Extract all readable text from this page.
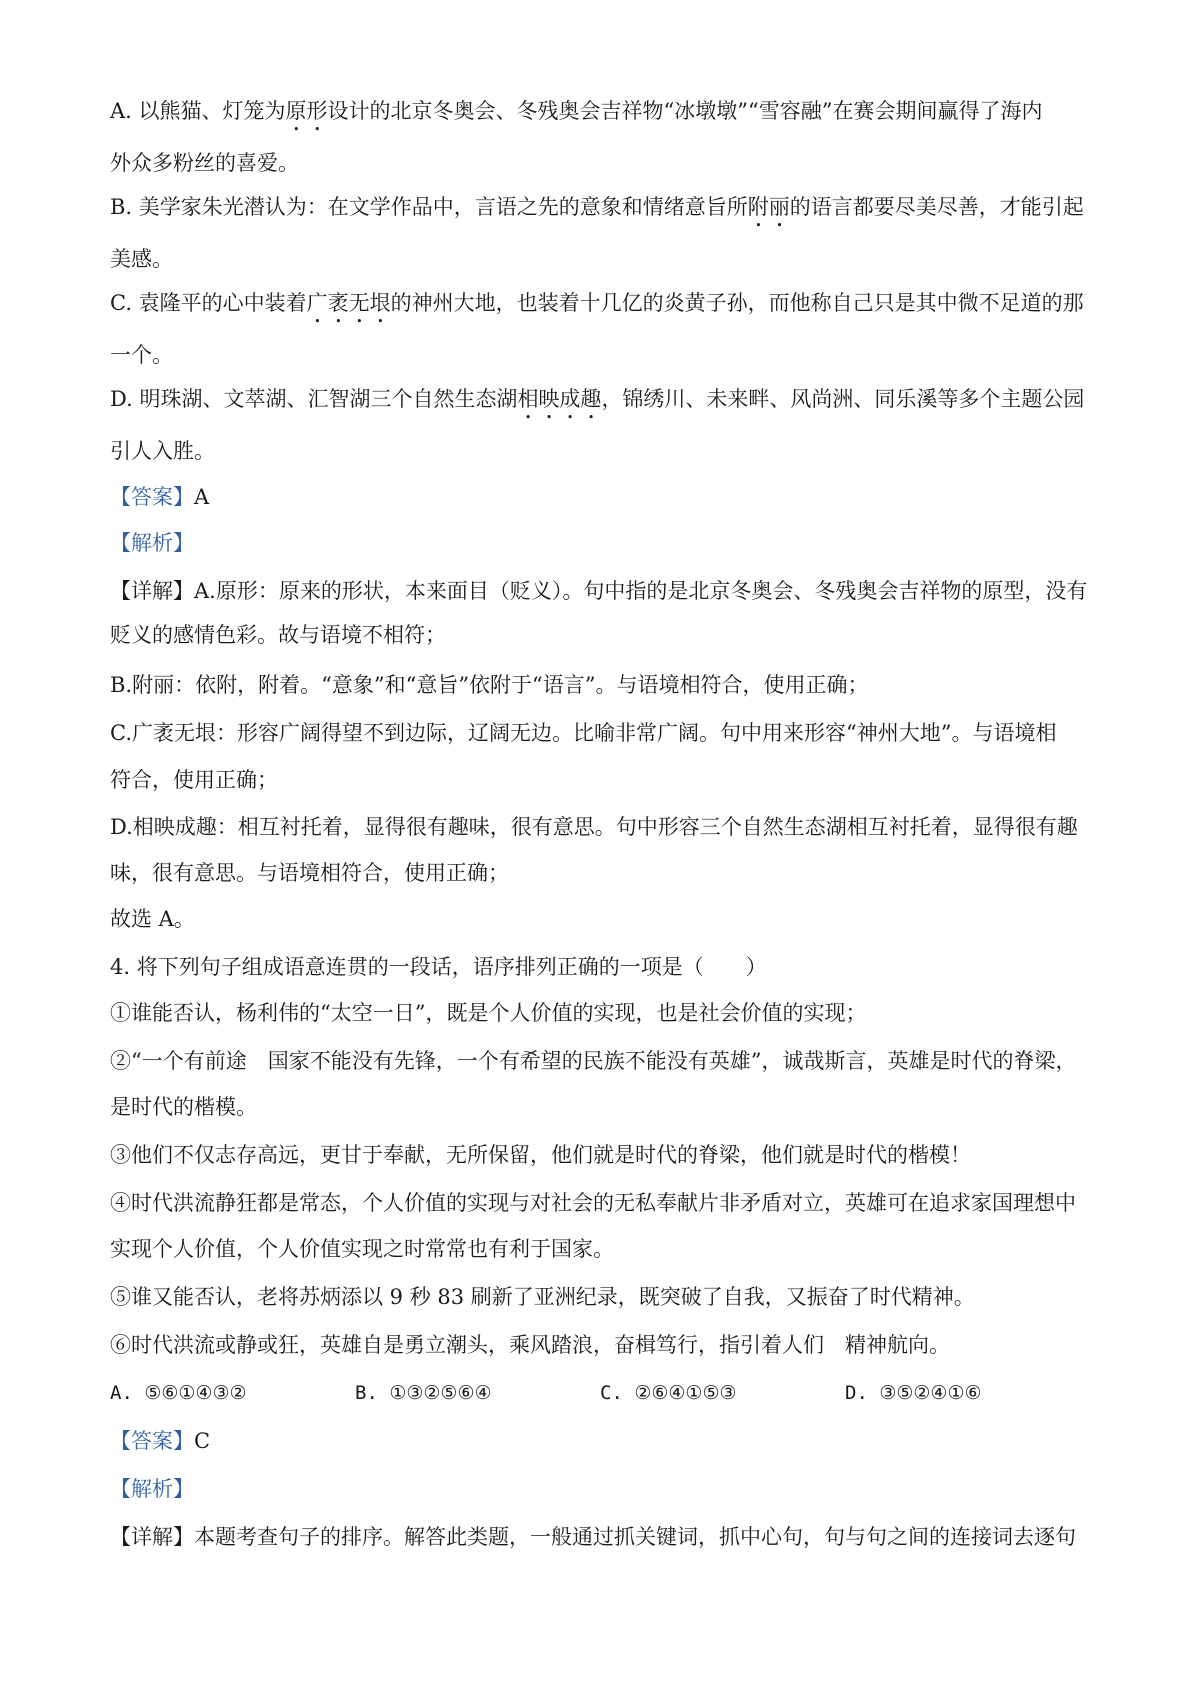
A. 以熊猫、灯笼为原形设计的北京冬奥会、冬残奥会吉祥物“冰墩墩”“雪容融”在赛会期间赢得了海内
外众多粉丝的喜爱。
B. 美学家朱光潜认为：在文学作品中，言语之先的意象和情绪意旨所附丽的语言都要尽美尽善，才能引起
美感。
C. 袁隆平的心中装着广袤无垠的神州大地，也装着十几亿的炎黄子孙，而他称自己只是其中微不足道的那
一个。
D. 明珠湖、文萃湖、汇智湖三个自然生态湖相映成趣，锦绣川、未来畔、风尚洲、同乐溪等多个主题公园
引人入胜。
【答案】A
【解析】
【详解】A.原形：原来的形状，本来面目（贬义）。句中指的是北京冬奥会、冬残奥会吉祥物的原型，没有
贬义的感情色彩。故与语境不相符；
B.附丽：依附，附着。“意象”和“意旨”依附于“语言”。与语境相符合，使用正确；
C.广袤无垠：形容广阔得望不到边际，辽阔无边。比喻非常广阔。句中用来形容“神州大地”。与语境相
符合，使用正确；
D.相映成趣：相互衬托着，显得很有趣味，很有意思。句中形容三个自然生态湖相互衬托着，显得很有趣
味，很有意思。与语境相符合，使用正确；
故选 A。
4. 将下列句子组成语意连贯的一段话，语序排列正确的一项是（　　）
①谁能否认，杨利伟的“太空一日”，既是个人价值的实现，也是社会价值的实现；
②“一个有前途　国家不能没有先锋，一个有希望的民族不能没有英雄”，诚哉斯言，英雄是时代的脊梁，
是时代的楷模。
③他们不仅志存高远，更甘于奉献，无所保留，他们就是时代的脊梁，他们就是时代的楷模！
④时代洪流静狂都是常态，个人价值的实现与对社会的无私奉献片非矛盾对立，英雄可在追求家国理想中
实现个人价值，个人价值实现之时常常也有利于国家。
⑤谁又能否认，老将苏炳添以 9 秒 83 刷新了亚洲纪录，既突破了自我，又振奋了时代精神。
⑥时代洪流或静或狂，英雄自是勇立潮头，乘风踏浪，奋楫笃行，指引着人们　精神航向。
A. ⑤⑥①④③②	B. ①③②⑤⑥④	C. ②⑥④①⑤③	D. ③⑤②④①⑥
【答案】C
【解析】
【详解】本题考查句子的排序。解答此类题，一般通过抓关键词，抓中心句，句与句之间的连接词去逐句
